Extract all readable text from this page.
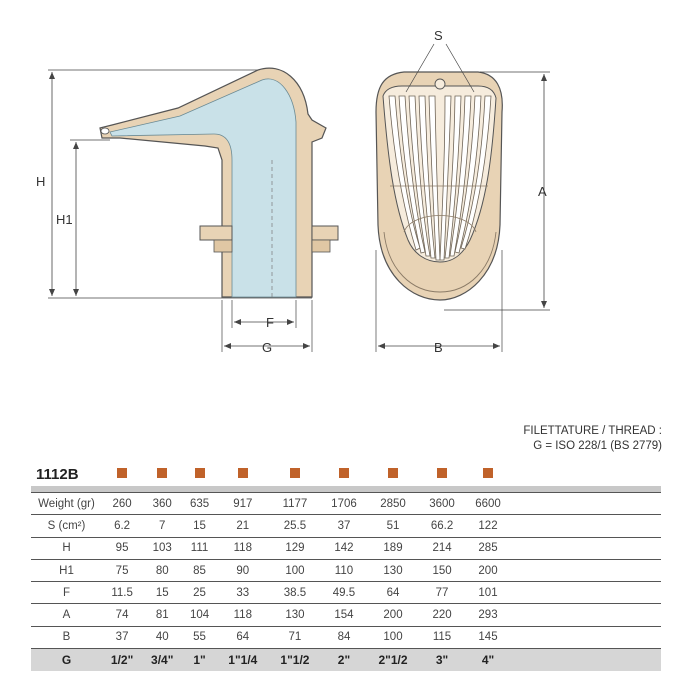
H
H1
F
G
S
A
B
FILETTATURE / THREAD :
G = ISO 228/1 (BS 2779)
1112B										

Weight (gr)	260	360	635	917	1177	1706	2850	3600	6600	
S (cm²)	6.2	7	15	21	25.5	37	51	66.2	122	
H	95	103	111	118	129	142	189	214	285	
H1	75	80	85	90	100	110	130	150	200	
F	11.5	15	25	33	38.5	49.5	64	77	101	
A	74	81	104	118	130	154	200	220	293	
B	37	40	55	64	71	84	100	115	145	
G	1/2"	3/4"	1"	1"1/4	1"1/2	2"	2"1/2	3"	4"	
